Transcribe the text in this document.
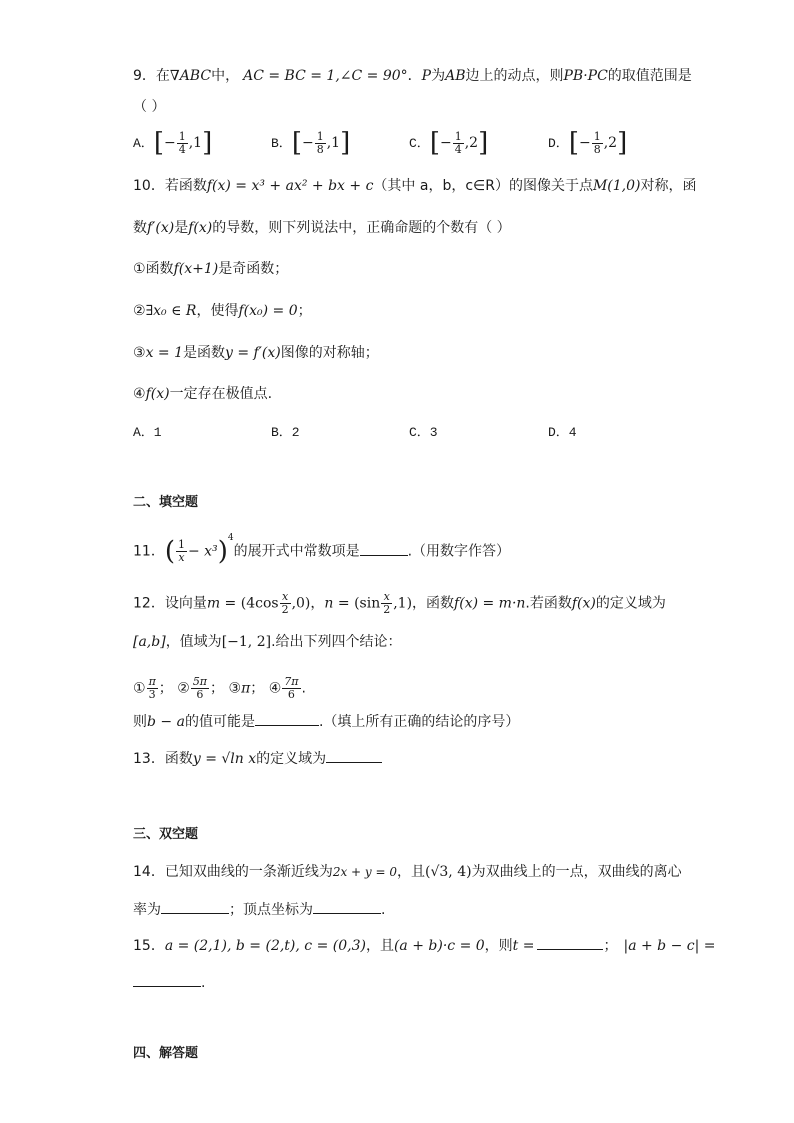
9．在∇ABC中， AC = BC = 1,∠C = 90°．P为AB边上的动点，则PB·PC的取值范围是
（ ）
A．[− $\frac{1}{4} ,1$]	B．[− $\frac{1}{8} ,1$]	C．[− $\frac{1}{4} ,2$]	D．[− $\frac{1}{8} ,2$]
10．若函数f(x) = x³ + ax² + bx + c（其中 a，b，c∈R）的图像关于点M(1,0)对称，函
数f′(x)是f(x)的导数，则下列说法中，正确命题的个数有（ ）
①函数f(x+1)是奇函数；
②∃x₀ ∈ R，使得f(x₀) = 0；
③x = 1是函数y = f′(x)图像的对称轴；
④f(x)一定存在极值点.
A．1	B．2	C．3	D．4
二、填空题
11．( $\frac{1}{x} - x^3)^4$的展开式中常数项是	.（用数字作答）
12．设向量$m = (4\cos \frac{x}{2} ,0)$，$n = (\sin \frac{x}{2} ,1)$，函数f(x) = m·n.若函数f(x)的定义域为
[a,b]，值域为[−1, 2].给出下列四个结论：
① $\frac{\pi}{3}$ ； ② $\frac{5\pi}{6}$ ； ③π； ④ $\frac{7\pi}{6}$ .
则b − a的值可能是	.（填上所有正确的结论的序号）
13．函数y = √ln x的定义域为
三、双空题
14．已知双曲线的一条渐近线为2x + y = 0，且(√3, 4)为双曲线上的一点，双曲线的离心
率为	；顶点坐标为	.
15．a = (2,1), b = (2,t), c = (0,3)，且(a + b)·c = 0，则t =	； |a + b − c| =
.
四、解答题
